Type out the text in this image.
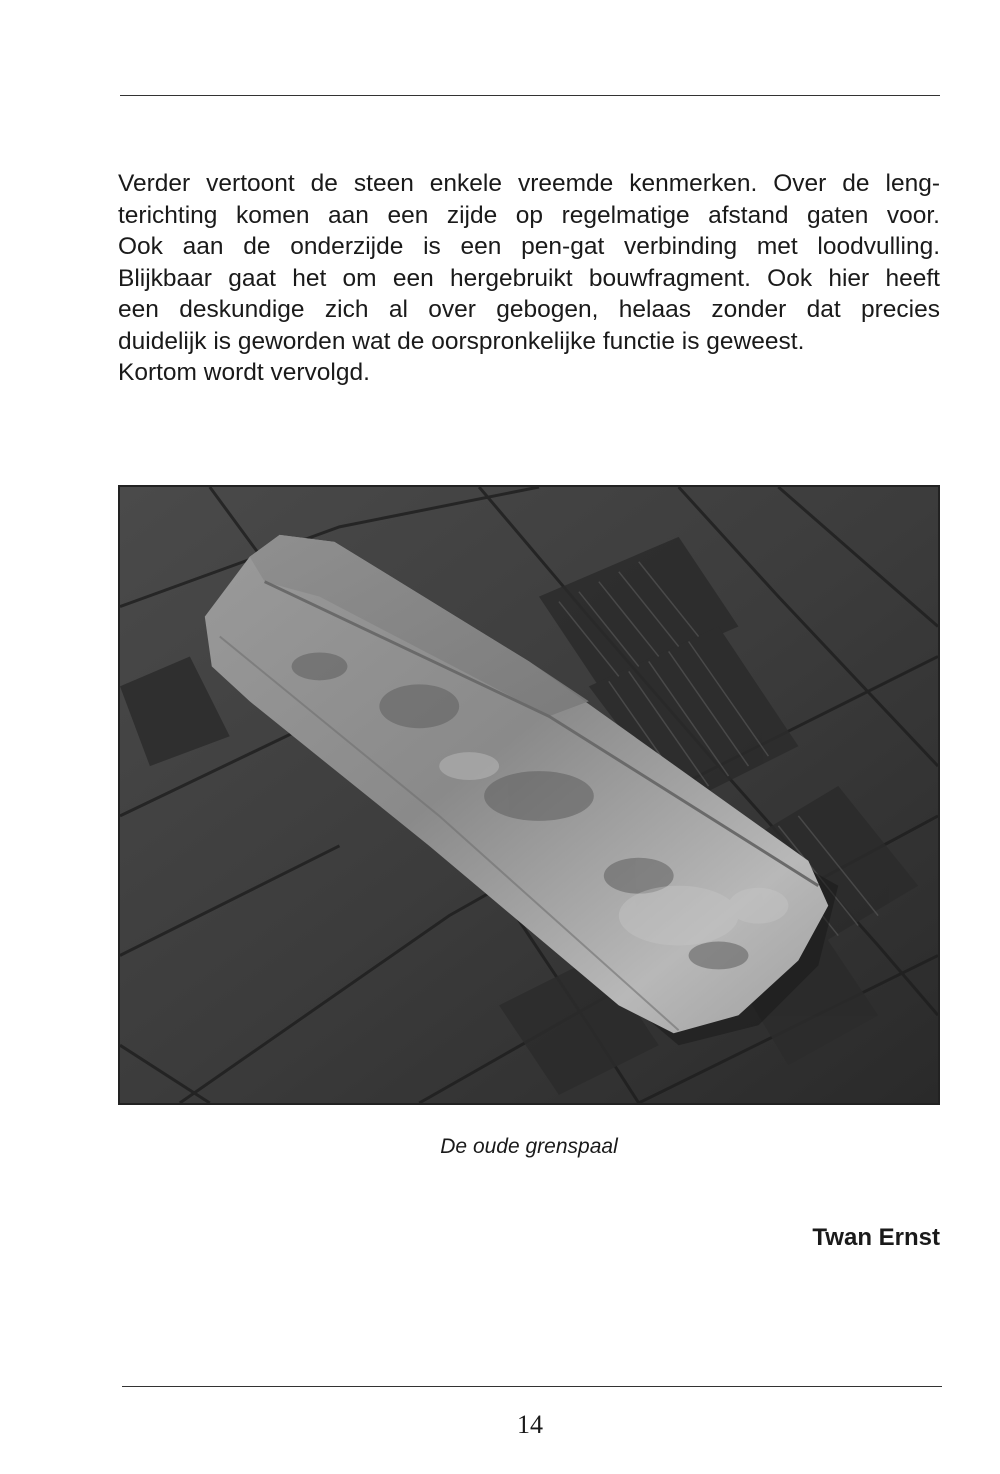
Verder vertoont de steen enkele vreemde kenmerken. Over de leng-
terichting komen aan een zijde op regelmatige afstand gaten voor.
Ook aan de onderzijde is een pen-gat verbinding met loodvulling.
Blijkbaar gaat het om een hergebruikt bouwfragment. Ook hier heeft
een deskundige zich al over gebogen, helaas zonder dat precies
duidelijk is geworden wat de oorspronkelijke functie is geweest.
Kortom wordt vervolgd.

De oude grenspaal

Twan Ernst

14
